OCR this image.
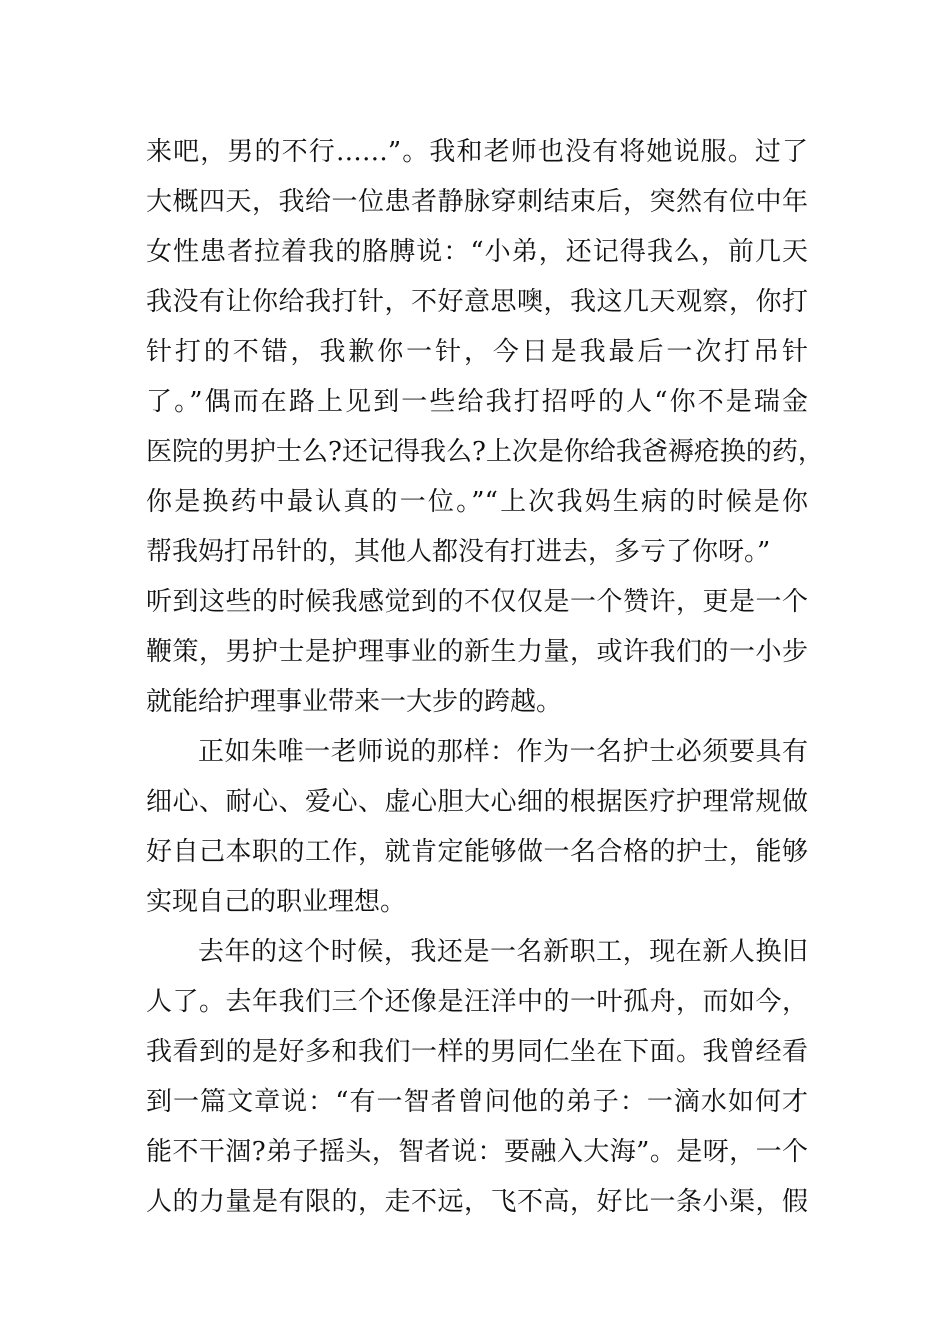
来吧，男的不行……”。我和老师也没有将她说服。过了
大概四天，我给一位患者静脉穿刺结束后，突然有位中年
女性患者拉着我的胳膊说：“小弟，还记得我么，前几天
我没有让你给我打针，不好意思噢，我这几天观察，你打
针打的不错，我歉你一针，今日是我最后一次打吊针
了。”偶而在路上见到一些给我打招呼的人“你不是瑞金
医院的男护士么?还记得我么?上次是你给我爸褥疮换的药，
你是换药中最认真的一位。”“上次我妈生病的时候是你
帮我妈打吊针的，其他人都没有打进去，多亏了你呀。”
听到这些的时候我感觉到的不仅仅是一个赞许，更是一个
鞭策，男护士是护理事业的新生力量，或许我们的一小步
就能给护理事业带来一大步的跨越。
正如朱唯一老师说的那样：作为一名护士必须要具有
细心、耐心、爱心、虚心胆大心细的根据医疗护理常规做
好自己本职的工作，就肯定能够做一名合格的护士，能够
实现自己的职业理想。
去年的这个时候，我还是一名新职工，现在新人换旧
人了。去年我们三个还像是汪洋中的一叶孤舟，而如今，
我看到的是好多和我们一样的男同仁坐在下面。我曾经看
到一篇文章说：“有一智者曾问他的弟子：一滴水如何才
能不干涸?弟子摇头，智者说：要融入大海”。是呀，一个
人的力量是有限的，走不远，飞不高，好比一条小渠，假
